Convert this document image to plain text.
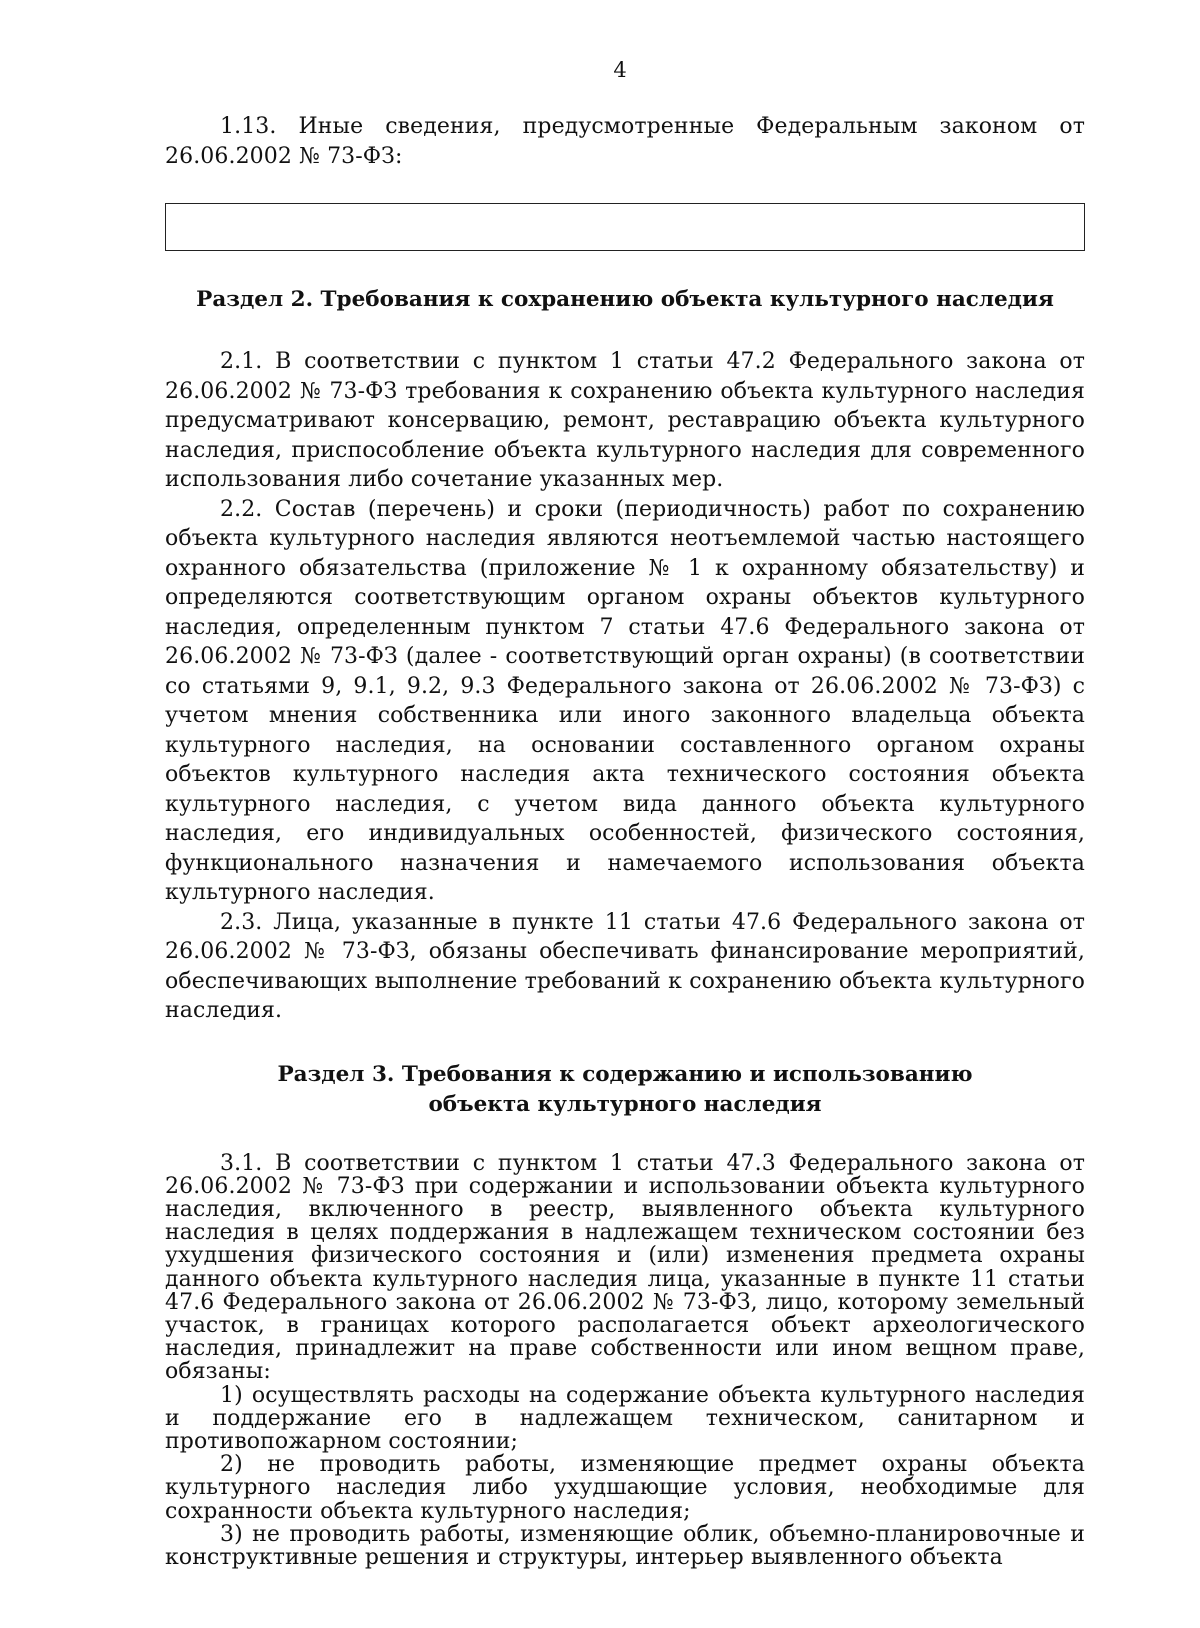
4

1.13. Иные сведения, предусмотренные Федеральным законом от 26.06.2002 № 73-ФЗ:

Раздел 2. Требования к сохранению объекта культурного наследия

2.1. В соответствии с пунктом 1 статьи 47.2 Федерального закона от 26.06.2002 № 73-ФЗ требования к сохранению объекта культурного наследия предусматривают консервацию, ремонт, реставрацию объекта культурного наследия, приспособление объекта культурного наследия для современного использования либо сочетание указанных мер.

2.2. Состав (перечень) и сроки (периодичность) работ по сохранению объекта культурного наследия являются неотъемлемой частью настоящего охранного обязательства (приложение № 1 к охранному обязательству) и определяются соответствующим органом охраны объектов культурного наследия, определенным пунктом 7 статьи 47.6 Федерального закона от 26.06.2002 № 73-ФЗ (далее - соответствующий орган охраны) (в соответствии со статьями 9, 9.1, 9.2, 9.3 Федерального закона от 26.06.2002 № 73-ФЗ) с учетом мнения собственника или иного законного владельца объекта культурного наследия, на основании составленного органом охраны объектов культурного наследия акта технического состояния объекта культурного наследия, с учетом вида данного объекта культурного наследия, его индивидуальных особенностей, физического состояния, функционального назначения и намечаемого использования объекта культурного наследия.

2.3. Лица, указанные в пункте 11 статьи 47.6 Федерального закона от 26.06.2002 № 73-ФЗ, обязаны обеспечивать финансирование мероприятий, обеспечивающих выполнение требований к сохранению объекта культурного наследия.

Раздел 3. Требования к содержанию и использованию
объекта культурного наследия

3.1. В соответствии с пунктом 1 статьи 47.3 Федерального закона от 26.06.2002 № 73-ФЗ при содержании и использовании объекта культурного наследия, включенного в реестр, выявленного объекта культурного наследия в целях поддержания в надлежащем техническом состоянии без ухудшения физического состояния и (или) изменения предмета охраны данного объекта культурного наследия лица, указанные в пункте 11 статьи 47.6 Федерального закона от 26.06.2002 № 73-ФЗ, лицо, которому земельный участок, в границах которого располагается объект археологического наследия, принадлежит на праве собственности или ином вещном праве, обязаны:

1) осуществлять расходы на содержание объекта культурного наследия и поддержание его в надлежащем техническом, санитарном и противопожарном состоянии;

2) не проводить работы, изменяющие предмет охраны объекта культурного наследия либо ухудшающие условия, необходимые для сохранности объекта культурного наследия;

3) не проводить работы, изменяющие облик, объемно-планировочные и конструктивные решения и структуры, интерьер выявленного объекта
